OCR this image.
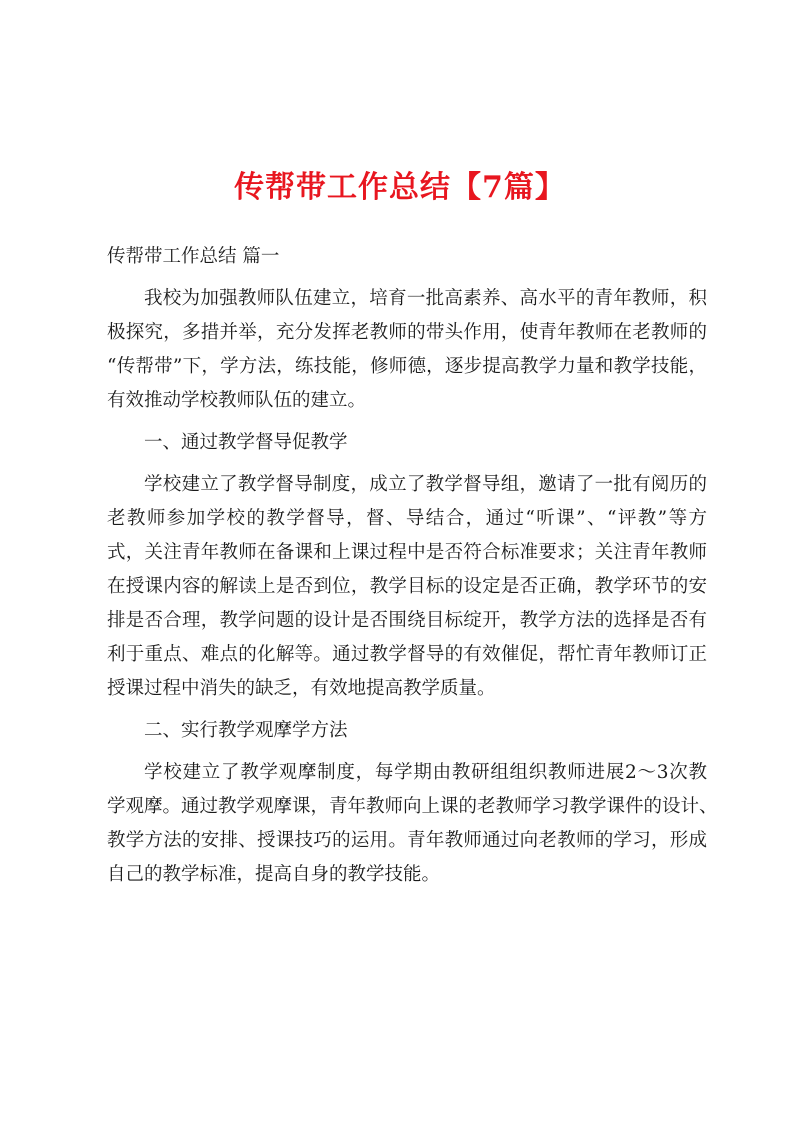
传帮带工作总结【7篇】
传帮带工作总结 篇一
我校为加强教师队伍建立，培育一批高素养、高水平的青年教师，积
极探究，多措并举，充分发挥老教师的带头作用，使青年教师在老教师的
“传帮带”下，学方法，练技能，修师德，逐步提高教学力量和教学技能，
有效推动学校教师队伍的建立。
一、通过教学督导促教学
学校建立了教学督导制度，成立了教学督导组，邀请了一批有阅历的
老教师参加学校的教学督导，督、导结合，通过“听课”、“评教”等方
式，关注青年教师在备课和上课过程中是否符合标准要求；关注青年教师
在授课内容的解读上是否到位，教学目标的设定是否正确，教学环节的安
排是否合理，教学问题的设计是否围绕目标绽开，教学方法的选择是否有
利于重点、难点的化解等。通过教学督导的有效催促，帮忙青年教师订正
授课过程中消失的缺乏，有效地提高教学质量。
二、实行教学观摩学方法
学校建立了教学观摩制度，每学期由教研组组织教师进展2～3次教
学观摩。通过教学观摩课，青年教师向上课的老教师学习教学课件的设计、
教学方法的安排、授课技巧的运用。青年教师通过向老教师的学习，形成
自己的教学标准，提高自身的教学技能。
